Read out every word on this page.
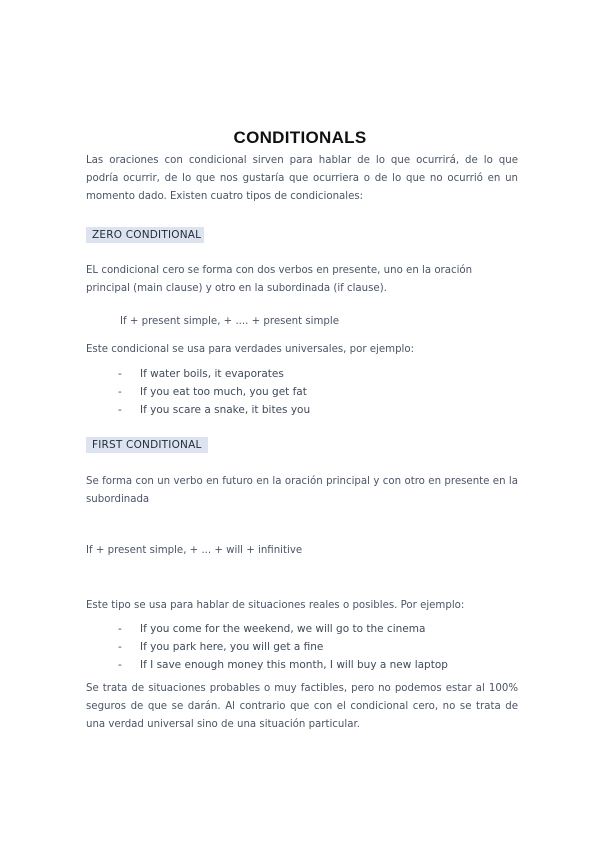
CONDITIONALS
Las oraciones con condicional sirven para hablar de lo que ocurrirá, de lo que podría ocurrir, de lo que nos gustaría que ocurriera o de lo que no ocurrió en un momento dado. Existen cuatro tipos de condicionales:
ZERO CONDITIONAL
EL condicional cero se forma con dos verbos en presente, uno en la oración principal (main clause) y otro en la subordinada (if clause).
If + present simple, + .... + present simple
Este condicional se usa para verdades universales, por ejemplo:
- If water boils, it evaporates
- If you eat too much, you get fat
- If you scare a snake, it bites you
FIRST CONDITIONAL
Se forma con un verbo en futuro en la oración principal y con otro en presente en la subordinada
If + present simple, + ... + will + infinitive
Este tipo se usa para hablar de situaciones reales o posibles. Por ejemplo:
- If you come for the weekend, we will go to the cinema
- If you park here, you will get a fine
- If I save enough money this month, I will buy a new laptop
Se trata de situaciones probables o muy factibles, pero no podemos estar al 100% seguros de que se darán. Al contrario que con el condicional cero, no se trata de una verdad universal sino de una situación particular.
